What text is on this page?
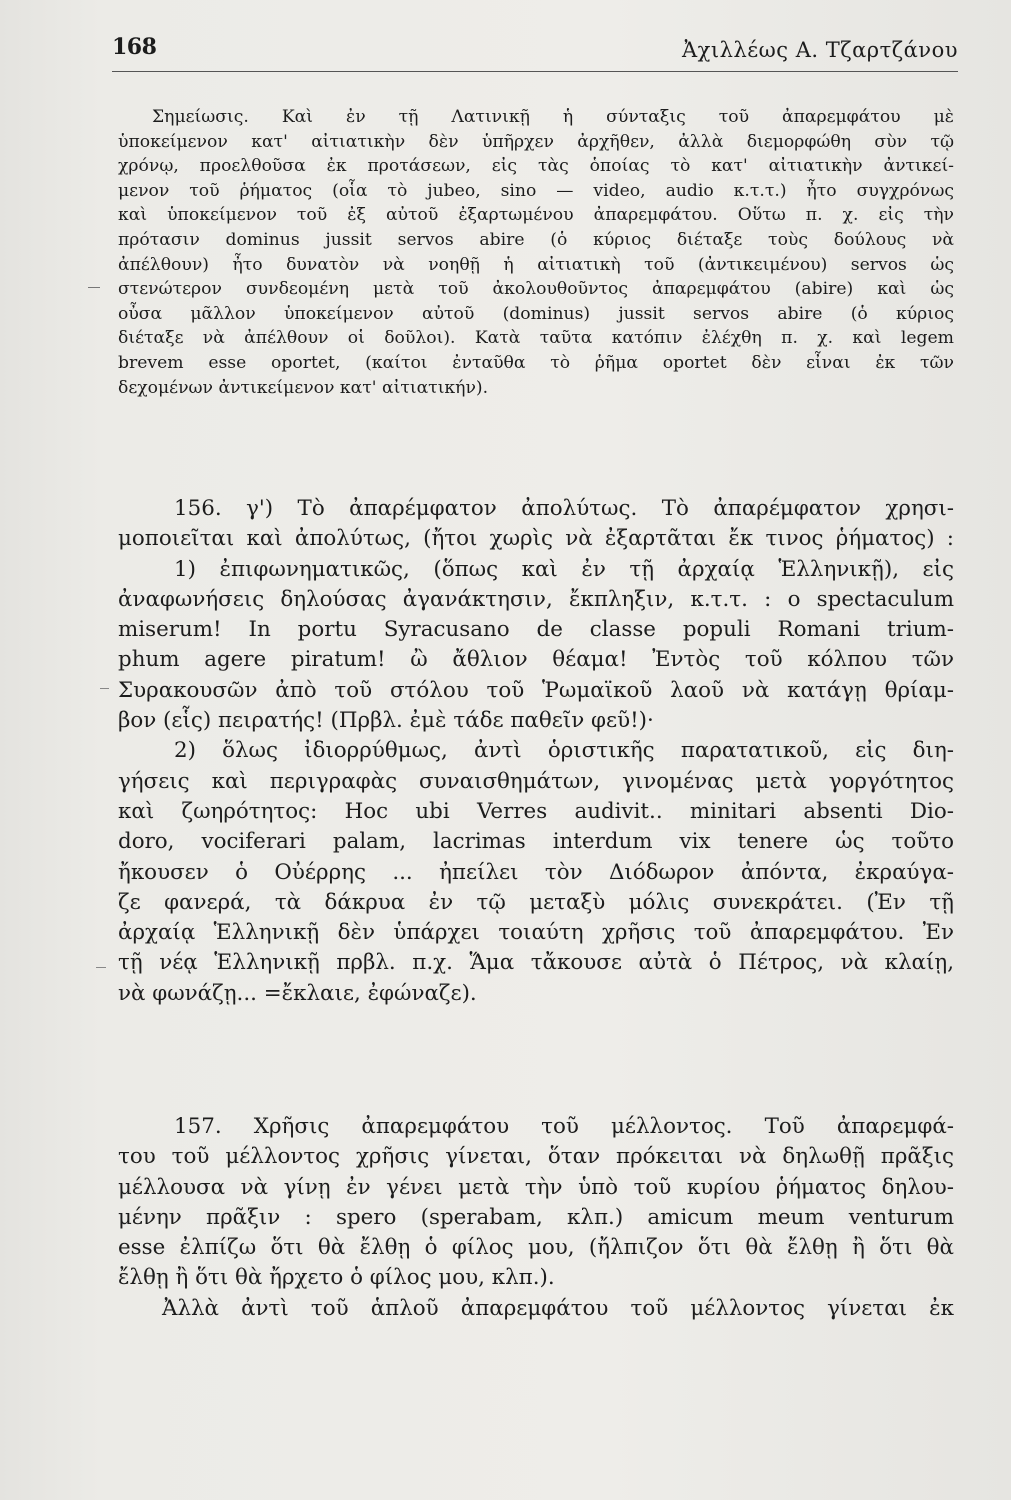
168	Ἀχιλλέως Α. Τζαρτζάνου
Σημείωσις. Καὶ ἐν τῇ Λατινικῇ ἡ σύνταξις τοῦ ἀπαρεμφάτου μὲ
ὑποκείμενον κατ' αἰτιατικὴν δὲν ὑπῆρχεν ἀρχῆθεν, ἀλλὰ διεμορφώθη σὺν τῷ
χρόνῳ, προελθοῦσα ἐκ προτάσεων, εἰς τὰς ὁποίας τὸ κατ' αἰτιατικὴν ἀντικεί-
μενον τοῦ ῥήματος (οἷα τὸ jubeo, sino — video, audio κ.τ.τ.) ἦτο συγχρόνως
καὶ ὑποκείμενον τοῦ ἐξ αὐτοῦ ἐξαρτωμένου ἀπαρεμφάτου. Οὕτω π. χ. εἰς τὴν
πρότασιν dominus jussit servos abire (ὁ κύριος διέταξε τοὺς δούλους νὰ
ἀπέλθουν) ἦτο δυνατὸν νὰ νοηθῇ ἡ αἰτιατικὴ τοῦ (ἀντικειμένου) servos ὡς
στενώτερον συνδεομένη μετὰ τοῦ ἀκολουθοῦντος ἀπαρεμφάτου (abire) καὶ ὡς
οὖσα μᾶλλον ὑποκείμενον αὐτοῦ (dominus) jussit servos abire (ὁ κύριος
διέταξε νὰ ἀπέλθουν οἱ δοῦλοι). Κατὰ ταῦτα κατόπιν ἐλέχθη π. χ. καὶ legem
brevem esse oportet, (καίτοι ἐνταῦθα τὸ ῥῆμα oportet δὲν εἶναι ἐκ τῶν
δεχομένων ἀντικείμενον κατ' αἰτιατικήν).
156. γ') Τὸ ἀπαρέμφατον ἀπολύτως. Τὸ ἀπαρέμφατον χρησι-
μοποιεῖται καὶ ἀπολύτως, (ἤτοι χωρὶς νὰ ἐξαρτᾶται ἔκ τινος ῥήματος) :
1) ἐπιφωνηματικῶς, (ὅπως καὶ ἐν τῇ ἀρχαίᾳ Ἑλληνικῇ), εἰς
ἀναφωνήσεις δηλούσας ἀγανάκτησιν, ἔκπληξιν, κ.τ.τ. : o spectaculum
miserum! In portu Syracusano de classe populi Romani trium-
phum agere piratum! ὢ ἄθλιον θέαμα! Ἐντὸς τοῦ κόλπου τῶν
Συρακουσῶν ἀπὸ τοῦ στόλου τοῦ Ῥωμαϊκοῦ λαοῦ νὰ κατάγῃ θρίαμ-
βον (εἷς) πειρατής! (Πρβλ. ἐμὲ τάδε παθεῖν φεῦ!)·
2) ὅλως ἰδιορρύθμως, ἀντὶ ὁριστικῆς παρατατικοῦ, εἰς διη-
γήσεις καὶ περιγραφὰς συναισθημάτων, γινομένας μετὰ γοργότητος
καὶ ζωηρότητος: Hoc ubi Verres audivit.. minitari absenti Dio-
doro, vociferari palam, lacrimas interdum vix tenere ὡς τοῦτο
ἤκουσεν ὁ Οὐέρρης ... ἠπείλει τὸν Διόδωρον ἀπόντα, ἐκραύγα-
ζε φανερά, τὰ δάκρυα ἐν τῷ μεταξὺ μόλις συνεκράτει. (Ἐν τῇ
ἀρχαίᾳ Ἑλληνικῇ δὲν ὑπάρχει τοιαύτη χρῆσις τοῦ ἀπαρεμφάτου. Ἐν
τῇ νέᾳ Ἑλληνικῇ πρβλ. π.χ. Ἅμα τἄκουσε αὐτὰ ὁ Πέτρος, νὰ κλαίῃ,
νὰ φωνάζῃ... =ἔκλαιε, ἐφώναζε).
157. Χρῆσις ἀπαρεμφάτου τοῦ μέλλοντος. Τοῦ ἀπαρεμφά-
του τοῦ μέλλοντος χρῆσις γίνεται, ὅταν πρόκειται νὰ δηλωθῇ πρᾶξις
μέλλουσα νὰ γίνῃ ἐν γένει μετὰ τὴν ὑπὸ τοῦ κυρίου ῥήματος δηλου-
μένην πρᾶξιν : spero (sperabam, κλπ.) amicum meum venturum
esse ἐλπίζω ὅτι θὰ ἔλθῃ ὁ φίλος μου, (ἤλπιζον ὅτι θὰ ἔλθῃ ἢ ὅτι θὰ
ἔλθῃ ἢ ὅτι θὰ ἤρχετο ὁ φίλος μου, κλπ.).
Ἀλλὰ ἀντὶ τοῦ ἁπλοῦ ἀπαρεμφάτου τοῦ μέλλοντος γίνεται ἐκ
